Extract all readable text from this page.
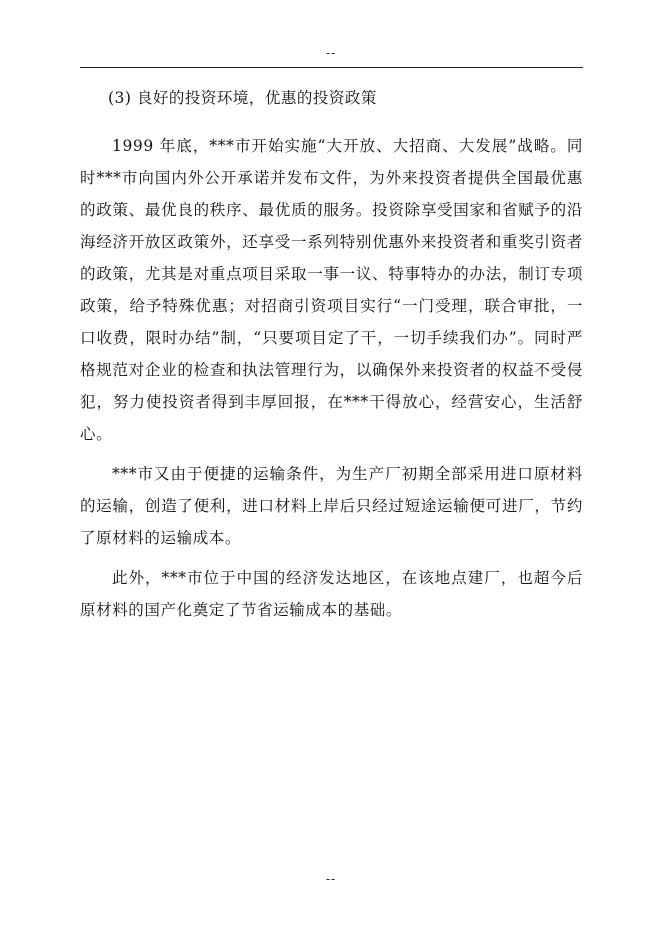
--

(3) 良好的投资环境，优惠的投资政策

1999 年底，***市开始实施“大开放、大招商、大发展”战略。同时***市向国内外公开承诺并发布文件，为外来投资者提供全国最优惠的政策、最优良的秩序、最优质的服务。投资除享受国家和省赋予的沿海经济开放区政策外，还享受一系列特别优惠外来投资者和重奖引资者的政策，尤其是对重点项目采取一事一议、特事特办的办法，制订专项政策，给予特殊优惠；对招商引资项目实行“一门受理，联合审批，一口收费，限时办结”制，“只要项目定了干，一切手续我们办”。同时严格规范对企业的检查和执法管理行为，以确保外来投资者的权益不受侵犯，努力使投资者得到丰厚回报，在***干得放心，经营安心，生活舒心。

***市又由于便捷的运输条件，为生产厂初期全部采用进口原材料的运输，创造了便利，进口材料上岸后只经过短途运输便可进厂，节约了原材料的运输成本。

此外，***市位于中国的经济发达地区，在该地点建厂，也超今后原材料的国产化奠定了节省运输成本的基础。

--
